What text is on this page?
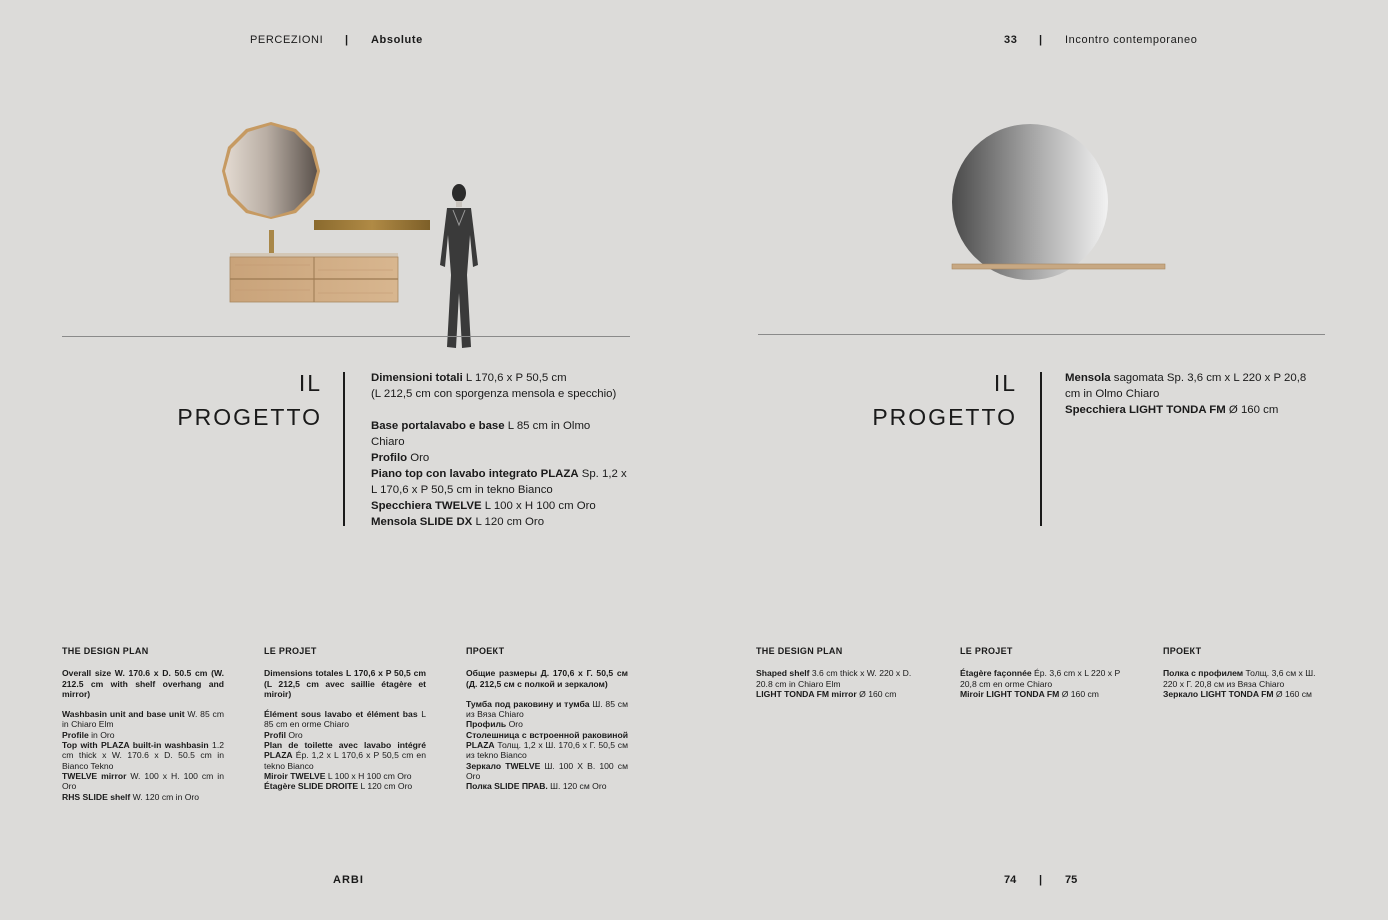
PERCEZIONI | Absolute	33 | Incontro contemporaneo
IL
PROGETTO

Dimensioni totali L 170,6 x P 50,5 cm

(L 212,5 cm con sporgenza mensola e specchio)

Base portalavabo e base L 85 cm in Olmo

Chiaro

Profilo Oro

Piano top con lavabo integrato PLAZA Sp. 1,2 x

L 170,6 x P 50,5 cm in tekno Bianco

Specchiera TWELVE L 100 x H 100 cm Oro

Mensola SLIDE DX L 120 cm Oro

THE DESIGN PLAN

Overall size W. 170.6 x D. 50.5 cm (W. 212.5 cm with shelf overhang and mirror)

Washbasin unit and base unit W. 85 cm in Chiaro Elm

Profile in Oro

Top with PLAZA built-in washbasin 1.2 cm thick x W. 170.6 x D. 50.5 cm in Bianco Tekno

TWELVE mirror W. 100 x H. 100 cm in Oro

RHS SLIDE shelf W. 120 cm in Oro

LE PROJET

Dimensions totales L 170,6 x P 50,5 cm (L 212,5 cm avec saillie étagère et miroir)

Élément sous lavabo et élément bas L 85 cm en orme Chiaro

Profil Oro

Plan de toilette avec lavabo intégré PLAZA Ép. 1,2 x L 170,6 x P 50,5 cm en tekno Bianco

Miroir TWELVE L 100 x H 100 cm Oro

Étagère SLIDE DROITE L 120 cm Oro

ПРОЕКТ

Общие размеры Д. 170,6 х Г. 50,5 см (Д. 212,5 см с полкой и зеркалом)

Тумба под раковину и тумба Ш. 85 см из Вяза Chiaro

Профиль Oro

Столешница с встроенной раковиной PLAZA Толщ. 1,2 х Ш. 170,6 х Г. 50,5 см из tekno Bianco

Зеркало TWELVE Ш. 100 Х В. 100 см Oro

Полка SLIDE ПРАВ. Ш. 120 см Oro

IL
PROGETTO

Mensola sagomata Sp. 3,6 cm x L 220 x P 20,8

cm in Olmo Chiaro

Specchiera LIGHT TONDA FM Ø 160 cm

THE DESIGN PLAN

Shaped shelf 3.6 cm thick x W. 220 x D. 20.8 cm in Chiaro Elm

LIGHT TONDA FM mirror Ø 160 cm

LE PROJET

Étagère façonnée Ép. 3,6 cm x L 220 x P 20,8 cm en orme Chiaro

Miroir LIGHT TONDA FM Ø 160 cm

ПРОЕКТ

Полка с профилем Толщ. 3,6 см х Ш. 220 х Г. 20,8 см из Вяза Chiaro

Зеркало LIGHT TONDA FM Ø 160 см

ARBI	74 | 75
